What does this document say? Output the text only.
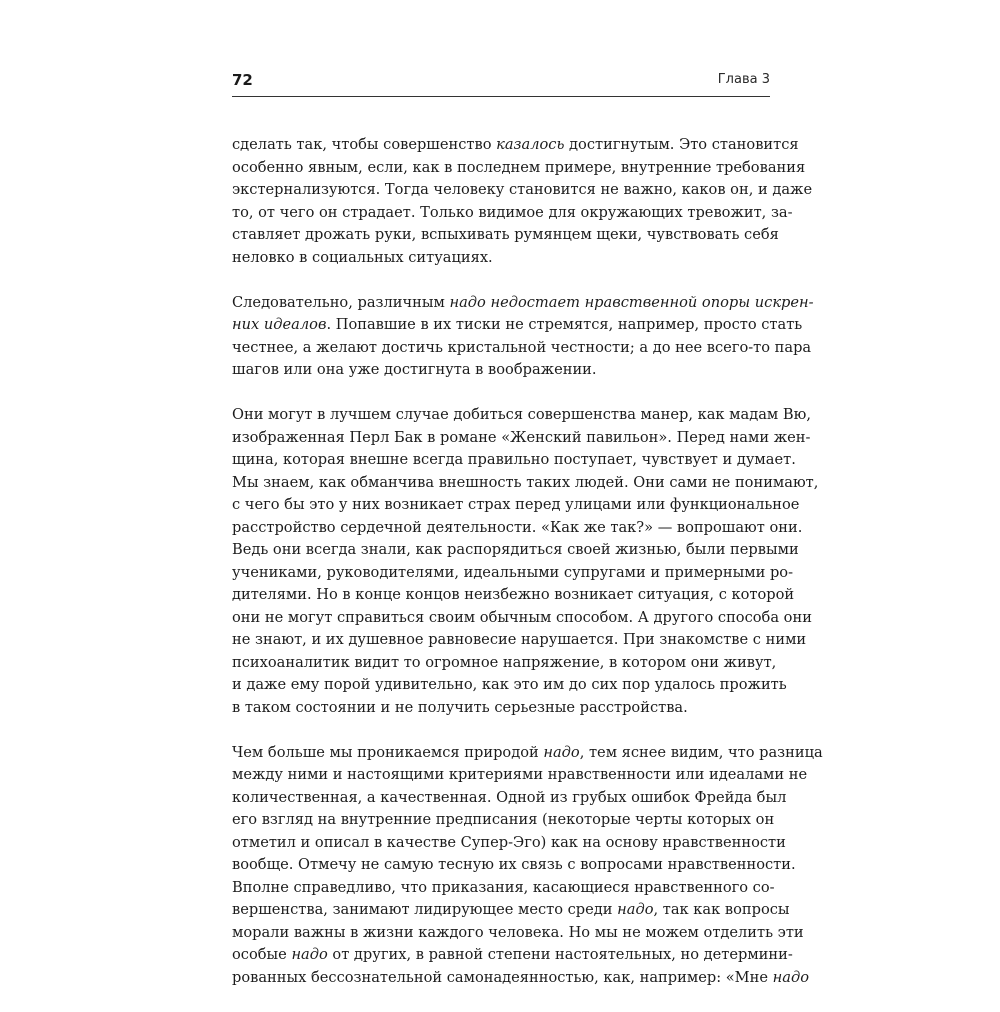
72	Глава 3
сделать так, чтобы совершенство казалось достигнутым. Это становится
особенно явным, если, как в последнем примере, внутренние требования
экстернализуются. Тогда человеку становится не важно, каков он, и даже
то, от чего он страдает. Только видимое для окружающих тревожит, за-
ставляет дрожать руки, вспыхивать румянцем щеки, чувствовать себя
неловко в социальных ситуациях.
Следовательно, различным надо недостает нравственной опоры искрен-
них идеалов. Попавшие в их тиски не стремятся, например, просто стать
честнее, а желают достичь кристальной честности; а до нее всего-то пара
шагов или она уже достигнута в воображении.
Они могут в лучшем случае добиться совершенства манер, как мадам Вю,
изображенная Перл Бак в романе «Женский павильон». Перед нами жен-
щина, которая внешне всегда правильно поступает, чувствует и думает.
Мы знаем, как обманчива внешность таких людей. Они сами не понимают,
с чего бы это у них возникает страх перед улицами или функциональное
расстройство сердечной деятельности. «Как же так?» — вопрошают они.
Ведь они всегда знали, как распорядиться своей жизнью, были первыми
учениками, руководителями, идеальными супругами и примерными ро-
дителями. Но в конце концов неизбежно возникает ситуация, с которой
они не могут справиться своим обычным способом. А другого способа они
не знают, и их душевное равновесие нарушается. При знакомстве с ними
психоаналитик видит то огромное напряжение, в котором они живут,
и даже ему порой удивительно, как это им до сих пор удалось прожить
в таком состоянии и не получить серьезные расстройства.
Чем больше мы проникаемся природой надо, тем яснее видим, что разница
между ними и настоящими критериями нравственности или идеалами не
количественная, а качественная. Одной из грубых ошибок Фрейда был
его взгляд на внутренние предписания (некоторые черты которых он
отметил и описал в качестве Супер-Эго) как на основу нравственности
вообще. Отмечу не самую тесную их связь с вопросами нравственности.
Вполне справедливо, что приказания, касающиеся нравственного со-
вершенства, занимают лидирующее место среди надо, так как вопросы
морали важны в жизни каждого человека. Но мы не можем отделить эти
особые надо от других, в равной степени настоятельных, но детермини-
рованных бессознательной самонадеянностью, как, например: «Мне надо
